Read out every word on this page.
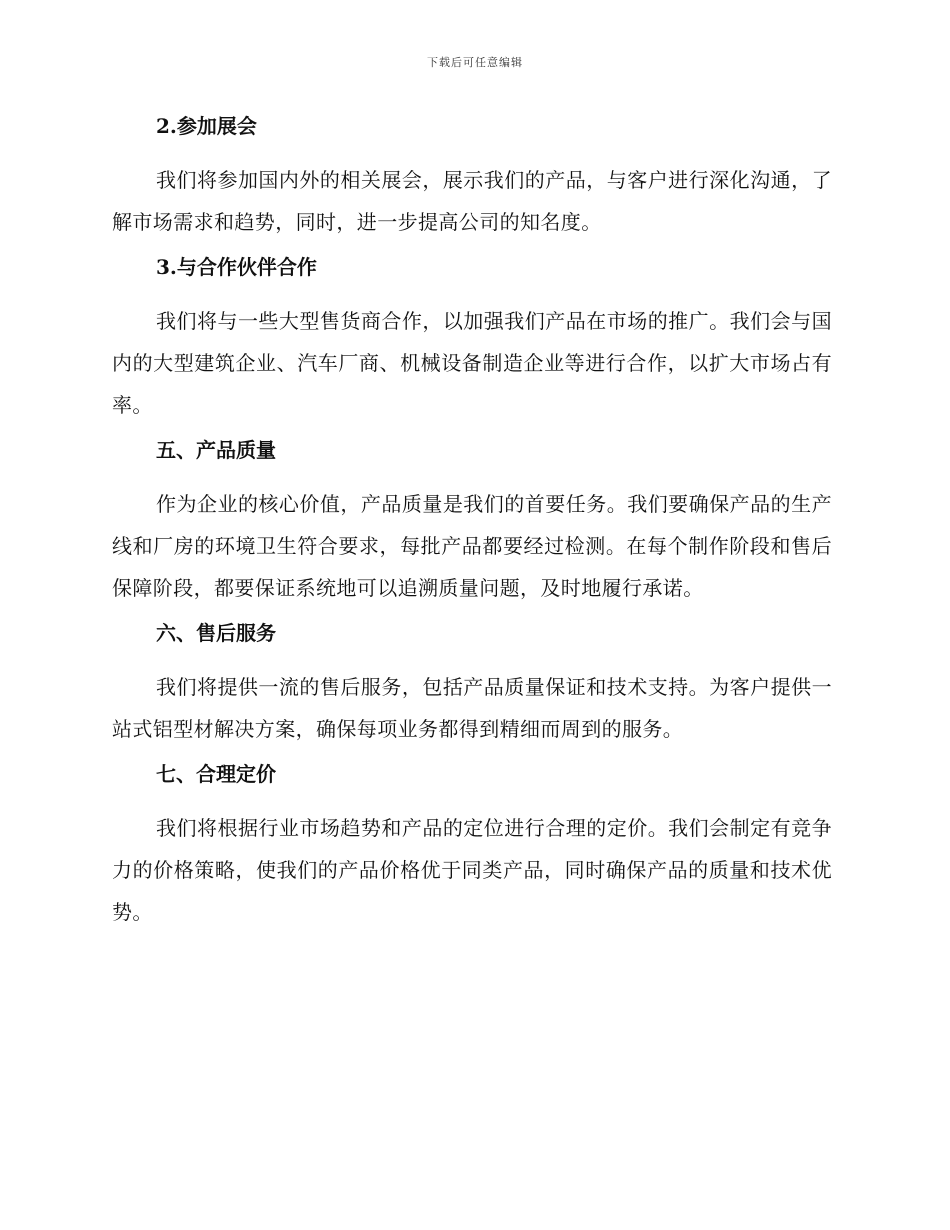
下载后可任意编辑
2.参加展会

我们将参加国内外的相关展会，展示我们的产品，与客户进行深化沟通，了解市场需求和趋势，同时，进一步提高公司的知名度。

3.与合作伙伴合作

我们将与一些大型售货商合作，以加强我们产品在市场的推广。我们会与国内的大型建筑企业、汽车厂商、机械设备制造企业等进行合作，以扩大市场占有率。

五、产品质量

作为企业的核心价值，产品质量是我们的首要任务。我们要确保产品的生产线和厂房的环境卫生符合要求，每批产品都要经过检测。在每个制作阶段和售后保障阶段，都要保证系统地可以追溯质量问题，及时地履行承诺。

六、售后服务

我们将提供一流的售后服务，包括产品质量保证和技术支持。为客户提供一站式铝型材解决方案，确保每项业务都得到精细而周到的服务。

七、合理定价

我们将根据行业市场趋势和产品的定位进行合理的定价。我们会制定有竞争力的价格策略，使我们的产品价格优于同类产品，同时确保产品的质量和技术优势。
